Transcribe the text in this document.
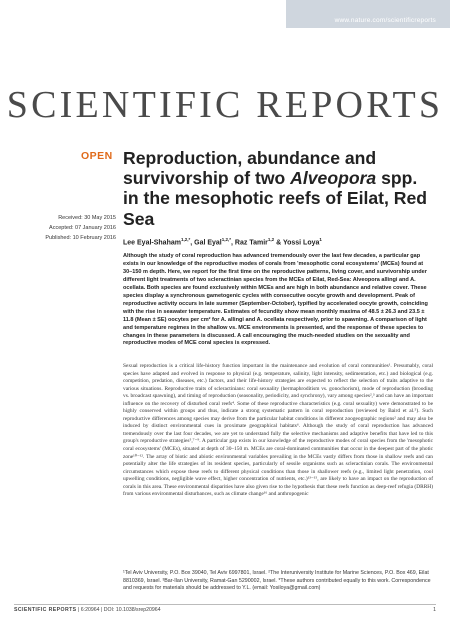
www.nature.com/scientificreports
SCIENTIFIC REPORTS
OPEN Reproduction, abundance and survivorship of two Alveopora spp. in the mesophotic reefs of Eilat, Red Sea
Received: 30 May 2015
Accepted: 07 January 2016
Published: 10 February 2016
Lee Eyal-Shaham$^{1,2,*}$, Gal Eyal$^{1,2,*}$, Raz Tamir$^{1,2}$ & Yossi Loya$^1$

Although the study of coral reproduction has advanced tremendously over the last few decades, a particular gap exists in our knowledge of the reproductive modes of corals from 'mesophotic coral ecosystems' (MCEs) found at 30–150 m depth. Here, we report for the first time on the reproductive patterns, living cover, and survivorship under different light treatments of two scleractinian species from the MCEs of Eilat, Red-Sea: Alveopora allingi and A. ocellata. Both species are found exclusively within MCEs and are high in both abundance and relative cover. These species display a synchronous gametogenic cycles with consecutive oocyte growth and development. Peak of reproductive activity occurs in late summer (September-October), typified by accelerated oocyte growth, coinciding with the rise in seawater temperature. Estimates of fecundity show mean monthly maxima of 48.5 ± 26.3 and 23.5 ± 11.8 (Mean ± SE) oocytes per cm² for A. allingi and A. ocellata respectively, prior to spawning. A comparison of light and temperature regimes in the shallow vs. MCE environments is presented, and the response of these species to changes in these parameters is discussed. A call encouraging the much-needed studies on the sexuality and reproductive modes of MCE coral species is expressed.

Sexual reproduction is a critical life-history function important in the maintenance and evolution of coral communities¹. Presumably, coral species have adapted and evolved in response to physical (e.g. temperature, salinity, light intensity, sedimentation, etc.) and biological (e.g. competition, predation, diseases, etc.) factors, and their life-history strategies are expected to reflect the selection of traits adaptive to the various situations. Reproductive traits of scleractinians: coral sexuality (hermaphroditism vs. gonochorism), mode of reproduction (brooding vs. broadcast spawning), and timing of reproduction (seasonality, periodicity, and synchrony), vary among species²,³ and can have an important influence on the recovery of disturbed coral reefs⁴. Some of these reproductive characteristics (e.g. coral sexuality) were demonstrated to be highly conserved within groups and thus, indicate a strong systematic pattern in coral reproduction (reviewed by Baird et al.⁵). Such reproductive differences among species may derive from the particular habitat conditions in different zoogeographic regions² and may also be induced by distinct environmental cues in proximate geographical habitats⁶. Although the study of coral reproduction has advanced tremendously over the last four decades, we are yet to understand fully the selective mechanisms and adaptive benefits that have led to this group's reproductive strategies⁵,⁷⁻⁹. A particular gap exists in our knowledge of the reproductive modes of coral species from the 'mesophotic coral ecosystems' (MCEs), situated at depth of 30–150 m. MCEs are coral-dominated communities that occur in the deepest part of the photic zone¹⁰⁻¹². The array of biotic and abiotic environmental variables prevailing in the MCEs vastly differs from those in shallow reefs and can potentially alter the life strategies of its resident species, particularly of sessile organisms such as scleractinian corals. The environmental circumstances which expose these reefs to different physical conditions than those in shallower reefs (e.g., limited light penetration, cool upwelling conditions, negligible wave effect, higher concentration of nutrients, etc.)¹³⁻¹⁵, are likely to have an impact on the reproduction of corals in this area. These environmental disparities have also given rise to the hypothesis that these reefs function as deep-reef refugia (DRRH) from various environmental disturbances, such as climate change¹⁶ and anthropogenic

¹Tel Aviv University, P.O. Box 39040, Tel Aviv 6997801, Israel. ²The Interuniversity Institute for Marine Sciences, P.O. Box 469, Eilat 8810369, Israel. ³Bar-Ilan University, Ramat-Gan 5290002, Israel. *These authors contributed equally to this work. Correspondence and requests for materials should be addressed to Y.L. (email: Yosiloya@gmail.com)

SCIENTIFIC REPORTS | 6:20964 | DOI: 10.1038/srep20964	1
